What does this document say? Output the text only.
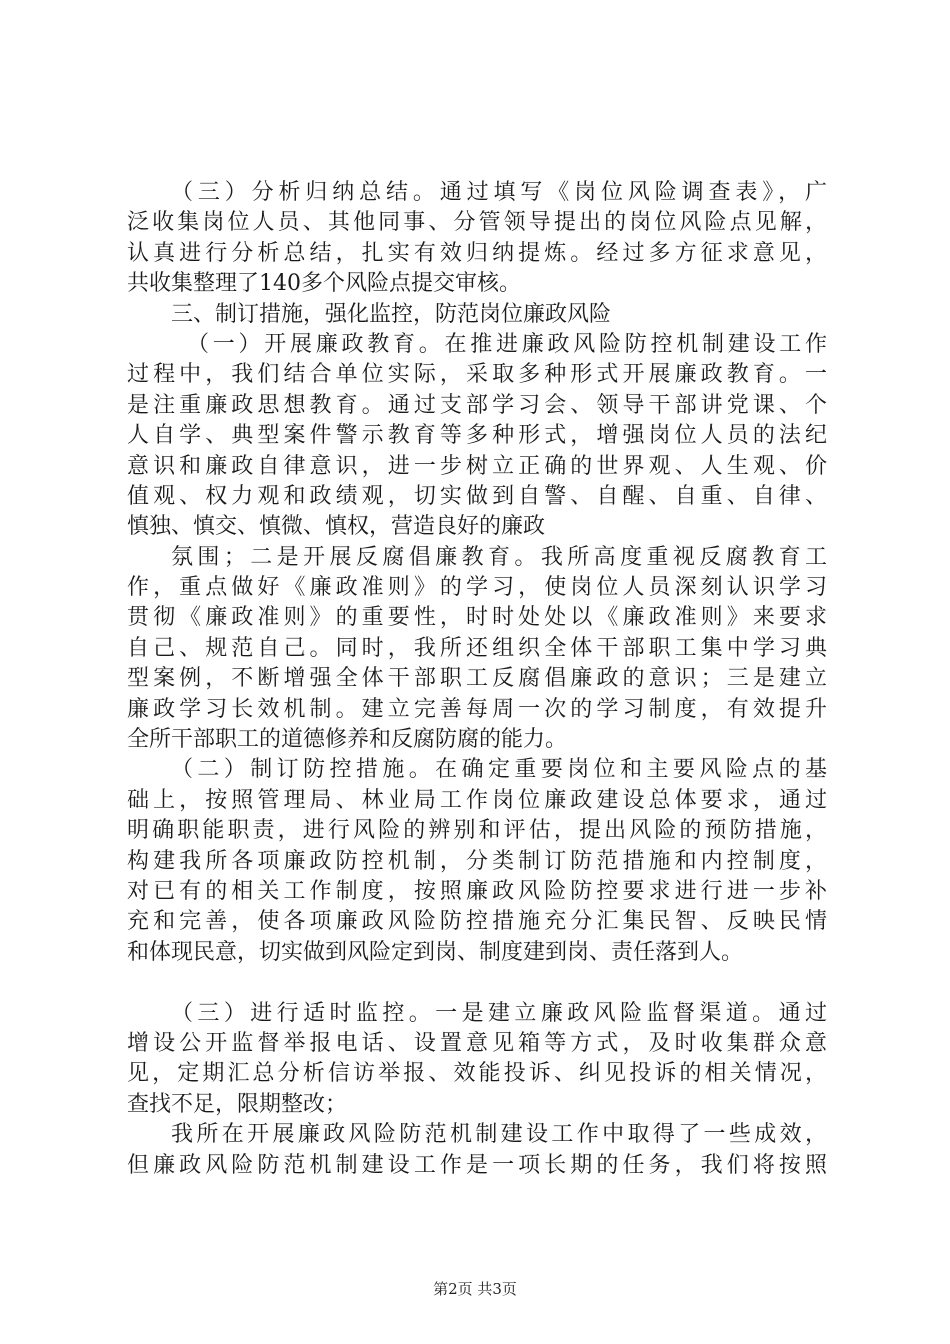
（三）分析归纳总结。通过填写《岗位风险调查表》，广
泛收集岗位人员、其他同事、分管领导提出的岗位风险点见解，
认真进行分析总结，扎实有效归纳提炼。经过多方征求意见，
共收集整理了140多个风险点提交审核。
三、制订措施，强化监控，防范岗位廉政风险
（一）开展廉政教育。在推进廉政风险防控机制建设工作
过程中，我们结合单位实际，采取多种形式开展廉政教育。一
是注重廉政思想教育。通过支部学习会、领导干部讲党课、个
人自学、典型案件警示教育等多种形式，增强岗位人员的法纪
意识和廉政自律意识，进一步树立正确的世界观、人生观、价
值观、权力观和政绩观，切实做到自警、自醒、自重、自律、
慎独、慎交、慎微、慎权，营造良好的廉政
氛围；二是开展反腐倡廉教育。我所高度重视反腐教育工
作，重点做好《廉政准则》的学习，使岗位人员深刻认识学习
贯彻《廉政准则》的重要性，时时处处以《廉政准则》来要求
自己、规范自己。同时，我所还组织全体干部职工集中学习典
型案例，不断增强全体干部职工反腐倡廉政的意识；三是建立
廉政学习长效机制。建立完善每周一次的学习制度，有效提升
全所干部职工的道德修养和反腐防腐的能力。
（二）制订防控措施。在确定重要岗位和主要风险点的基
础上，按照管理局、林业局工作岗位廉政建设总体要求，通过
明确职能职责，进行风险的辨别和评估，提出风险的预防措施，
构建我所各项廉政防控机制，分类制订防范措施和内控制度，
对已有的相关工作制度，按照廉政风险防控要求进行进一步补
充和完善，使各项廉政风险防控措施充分汇集民智、反映民情
和体现民意，切实做到风险定到岗、制度建到岗、责任落到人。
（三）进行适时监控。一是建立廉政风险监督渠道。通过
增设公开监督举报电话、设置意见箱等方式，及时收集群众意
见，定期汇总分析信访举报、效能投诉、纠见投诉的相关情况，
查找不足，限期整改；
我所在开展廉政风险防范机制建设工作中取得了一些成效，
但廉政风险防范机制建设工作是一项长期的任务，我们将按照
第2页 共3页
